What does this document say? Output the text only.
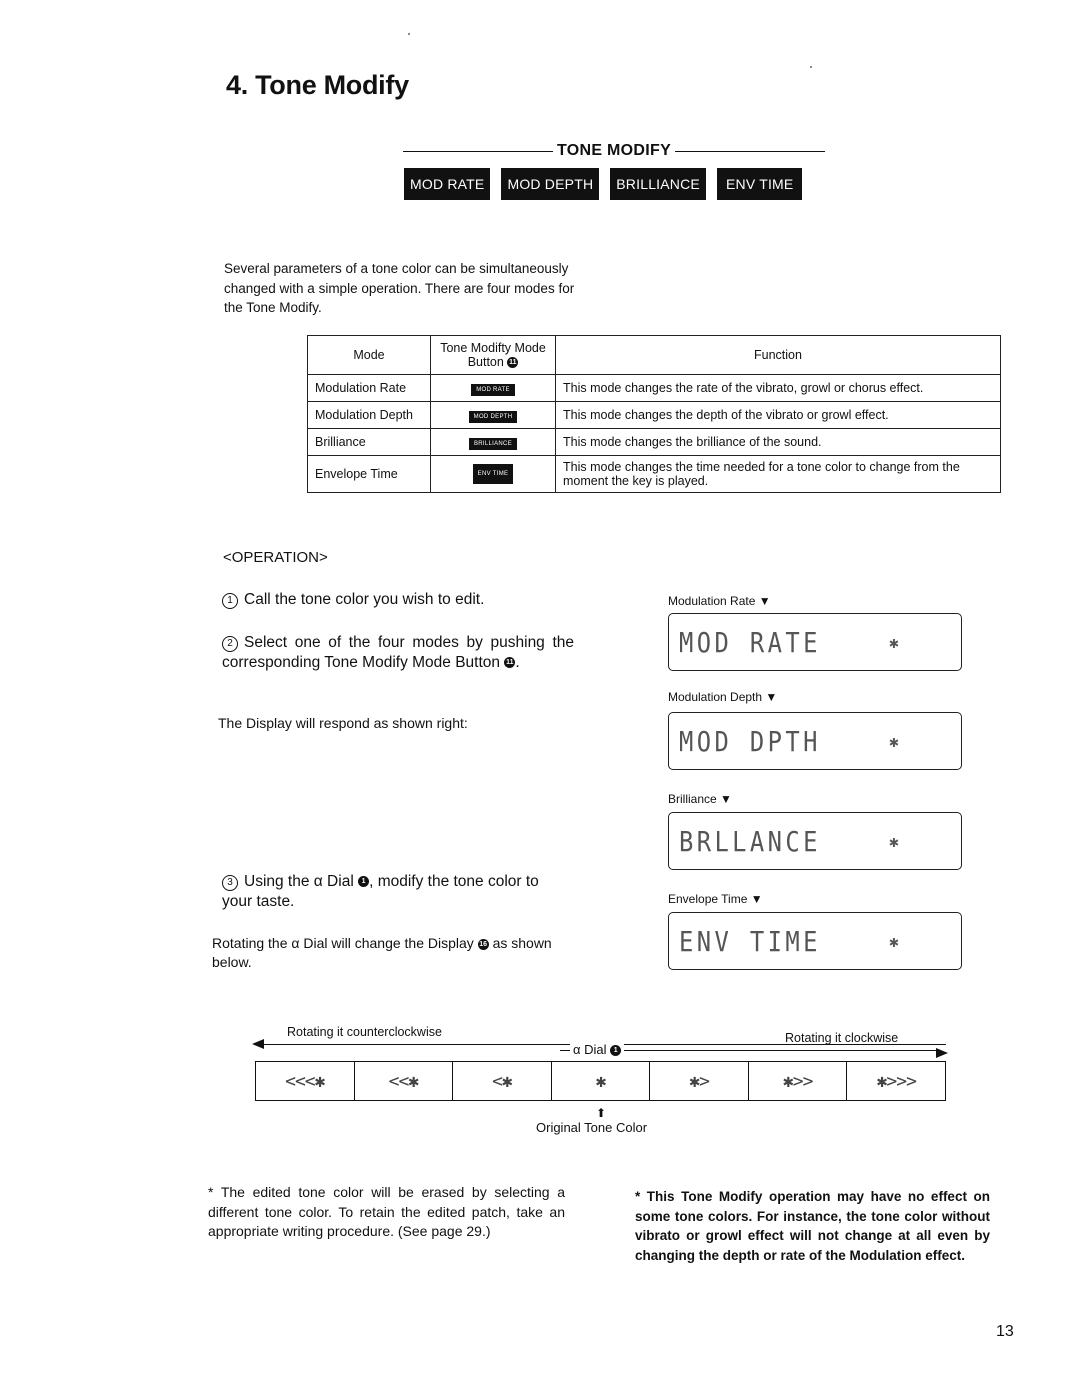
4. Tone Modify
TONE MODIFY
MOD RATE	MOD DEPTH	BRILLIANCE	ENV TIME
Several parameters of a tone color can be simultaneously changed with a simple operation. There are four modes for the Tone Modify.
Mode	Tone Modifty Mode Button 11	Function
Modulation Rate	MOD RATE	This mode changes the rate of the vibrato, growl or chorus effect.
Modulation Depth	MOD DEPTH	This mode changes the depth of the vibrato or growl effect.
Brilliance	BRILLIANCE	This mode changes the brilliance of the sound.
Envelope Time	ENV TIME	This mode changes the time needed for a tone color to change from the moment the key is played.
<OPERATION>
1 Call the tone color you wish to edit.
2 Select one of the four modes by pushing the corresponding Tone Modify Mode Button 11 .
The Display will respond as shown right:
3 Using the α Dial 1 , modify the tone color to your taste.
Rotating the α Dial will change the Display 16 as shown below.
Modulation Rate ▼
MOD RATE	✱
Modulation Depth ▼
MOD DPTH	✱
Brilliance ▼
BRLLANCE	✱
Envelope Time ▼
ENV TIME	✱
Rotating it counterclockwise	Rotating it clockwise
α Dial 1
<<<✱	<<✱	<✱	✱	✱>	✱>>	✱>>>
⬆
Original Tone Color
* The edited tone color will be erased by selecting a different tone color. To retain the edited patch, take an appropriate writing procedure. (See page 29.)
* This Tone Modify operation may have no effect on some tone colors. For instance, the tone color without vibrato or growl effect will not change at all even by changing the depth or rate of the Modulation effect.
13
